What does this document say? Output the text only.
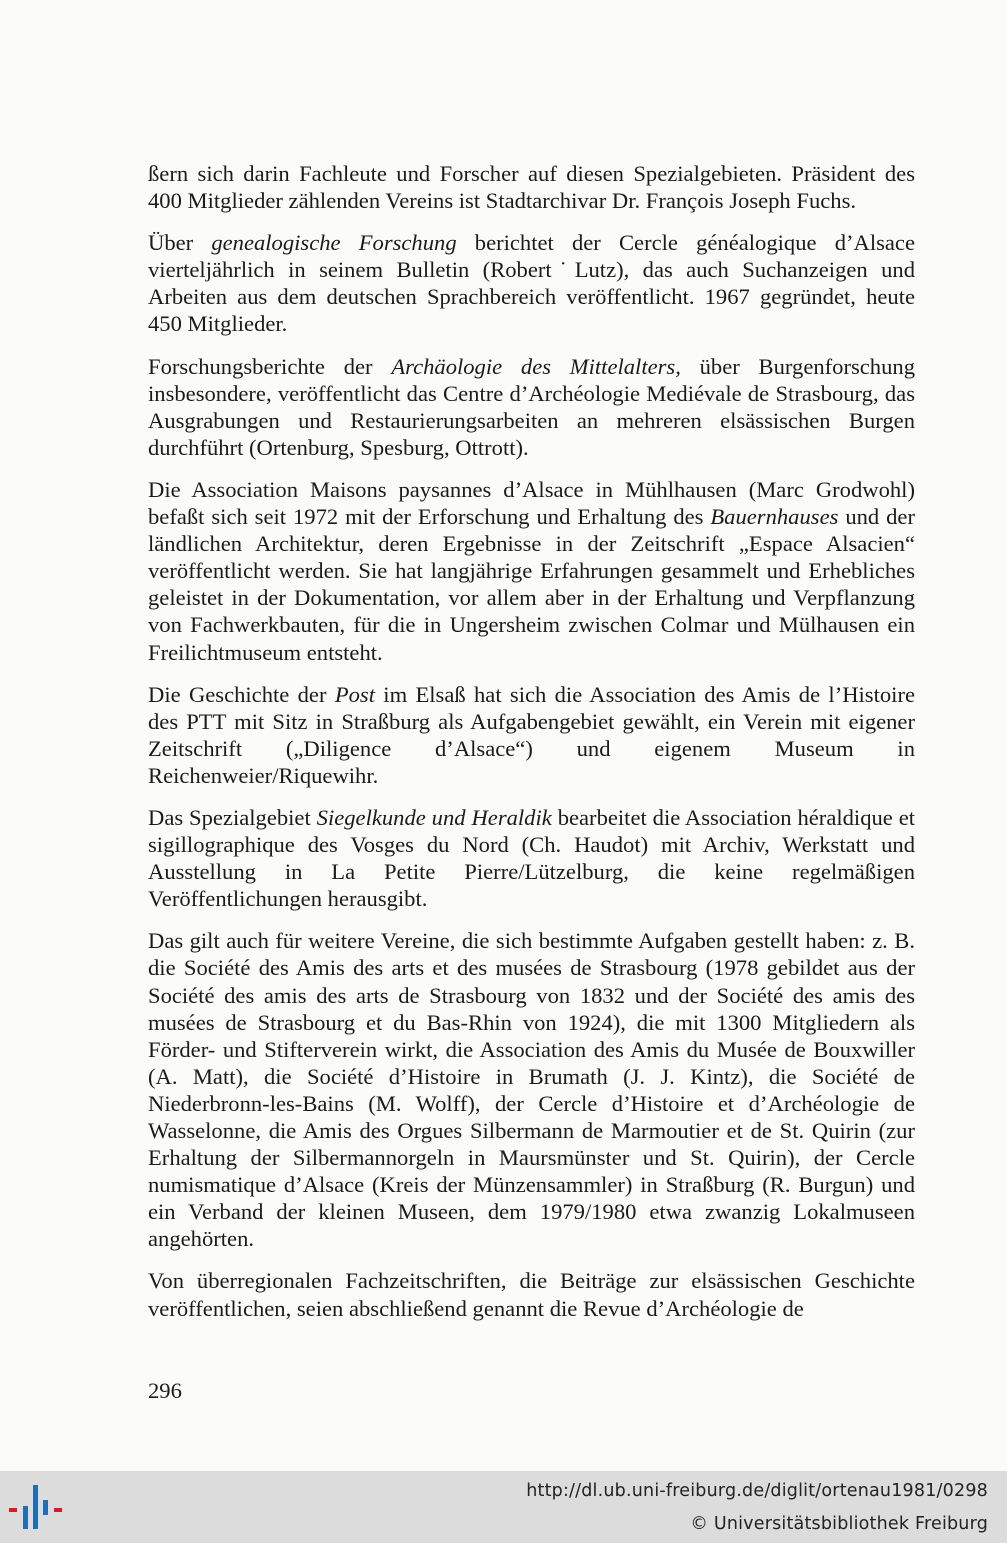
ßern sich darin Fachleute und Forscher auf diesen Spezialgebieten. Präsident des 400 Mitglieder zählenden Vereins ist Stadtarchivar Dr. François Joseph Fuchs.

Über genealogische Forschung berichtet der Cercle généalogique d’Alsace vierteljährlich in seinem Bulletin (Robert˙Lutz), das auch Suchanzeigen und Arbeiten aus dem deutschen Sprachbereich veröffentlicht. 1967 gegründet, heute 450 Mitglieder.

Forschungsberichte der Archäologie des Mittelalters, über Burgenforschung insbesondere, veröffentlicht das Centre d’Archéologie Mediévale de Strasbourg, das Ausgrabungen und Restaurierungsarbeiten an mehreren elsässischen Burgen durchführt (Ortenburg, Spesburg, Ottrott).

Die Association Maisons paysannes d’Alsace in Mühlhausen (Marc Grodwohl) befaßt sich seit 1972 mit der Erforschung und Erhaltung des Bauernhauses und der ländlichen Architektur, deren Ergebnisse in der Zeitschrift „Espace Alsacien“ veröffentlicht werden. Sie hat langjährige Erfahrungen gesammelt und Erhebliches geleistet in der Dokumentation, vor allem aber in der Erhaltung und Verpflanzung von Fachwerkbauten, für die in Ungersheim zwischen Colmar und Mülhausen ein Freilichtmuseum entsteht.

Die Geschichte der Post im Elsaß hat sich die Association des Amis de l’Histoire des PTT mit Sitz in Straßburg als Aufgabengebiet gewählt, ein Verein mit eigener Zeitschrift („Diligence d’Alsace“) und eigenem Museum in Reichenweier/Riquewihr.

Das Spezialgebiet Siegelkunde und Heraldik bearbeitet die Association héraldique et sigillographique des Vosges du Nord (Ch. Haudot) mit Archiv, Werkstatt und Ausstellung in La Petite Pierre/Lützelburg, die keine regelmäßigen Veröffentlichungen herausgibt.

Das gilt auch für weitere Vereine, die sich bestimmte Aufgaben gestellt haben: z. B. die Société des Amis des arts et des musées de Strasbourg (1978 gebildet aus der Société des amis des arts de Strasbourg von 1832 und der Société des amis des musées de Strasbourg et du Bas-Rhin von 1924), die mit 1300 Mitgliedern als Förder- und Stifterverein wirkt, die Association des Amis du Musée de Bouxwiller (A. Matt), die Société d’Histoire in Brumath (J. J. Kintz), die Société de Niederbronn-les-Bains (M. Wolff), der Cercle d’Histoire et d’Archéologie de Wasselonne, die Amis des Orgues Silbermann de Marmoutier et de St. Quirin (zur Erhaltung der Silbermannorgeln in Maursmünster und St. Quirin), der Cercle numismatique d’Alsace (Kreis der Münzensammler) in Straßburg (R. Burgun) und ein Verband der kleinen Museen, dem 1979/1980 etwa zwanzig Lokalmuseen angehörten.

Von überregionalen Fachzeitschriften, die Beiträge zur elsässischen Geschichte veröffentlichen, seien abschließend genannt die Revue d’Archéologie de

296
http://dl.ub.uni-freiburg.de/diglit/ortenau1981/0298
© Universitätsbibliothek Freiburg
